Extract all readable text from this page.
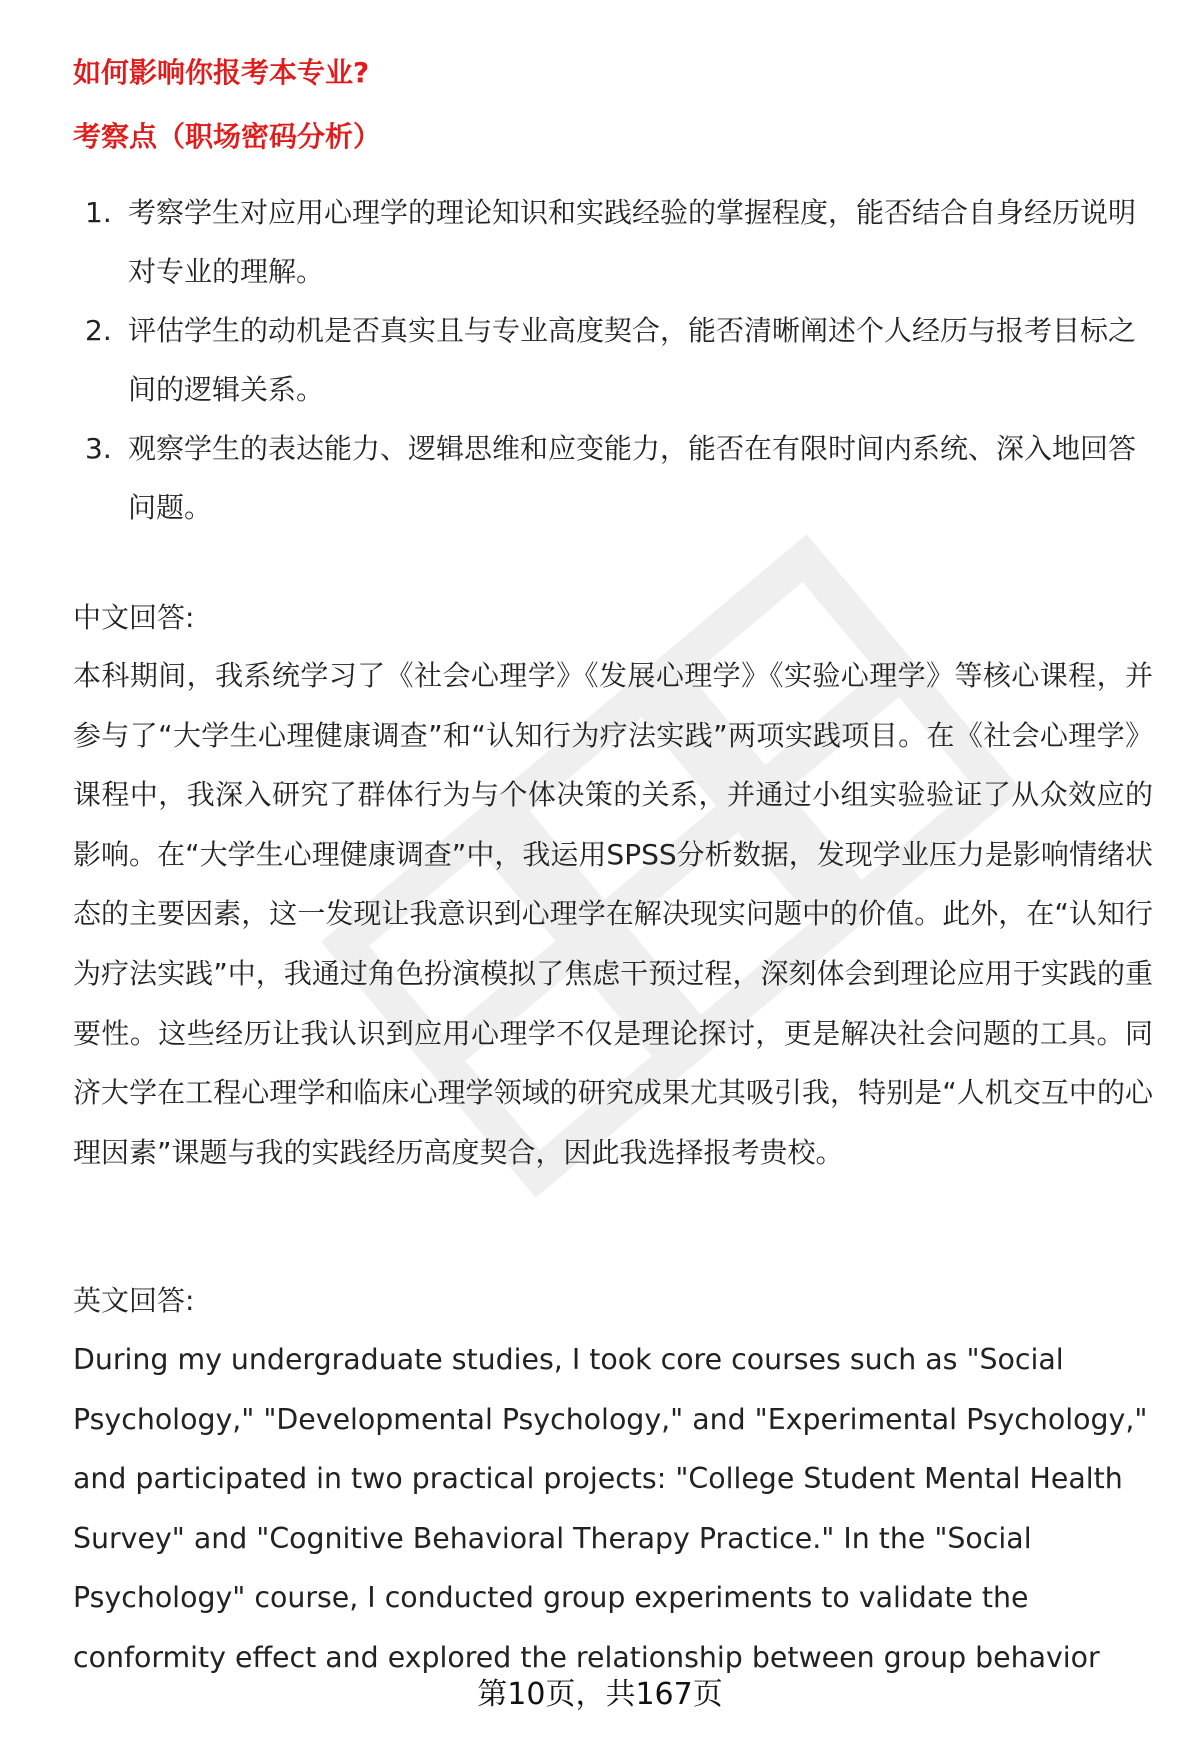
如何影响你报考本专业?
考察点（职场密码分析）
1. 考察学生对应用心理学的理论知识和实践经验的掌握程度，能否结合自身经历说明对专业的理解。
2. 评估学生的动机是否真实且与专业高度契合，能否清晰阐述个人经历与报考目标之间的逻辑关系。
3. 观察学生的表达能力、逻辑思维和应变能力，能否在有限时间内系统、深入地回答问题。
中文回答:

本科期间，我系统学习了《社会心理学》《发展心理学》《实验心理学》等核心课程，并参与了“大学生心理健康调查”和“认知行为疗法实践”两项实践项目。在《社会心理学》课程中，我深入研究了群体行为与个体决策的关系，并通过小组实验验证了从众效应的影响。在“大学生心理健康调查”中，我运用SPSS分析数据，发现学业压力是影响情绪状态的主要因素，这一发现让我意识到心理学在解决现实问题中的价值。此外，在“认知行为疗法实践”中，我通过角色扮演模拟了焦虑干预过程，深刻体会到理论应用于实践的重要性。这些经历让我认识到应用心理学不仅是理论探讨，更是解决社会问题的工具。同济大学在工程心理学和临床心理学领域的研究成果尤其吸引我，特别是“人机交互中的心理因素”课题与我的实践经历高度契合，因此我选择报考贵校。

英文回答:

During my undergraduate studies, I took core courses such as "Social Psychology," "Developmental Psychology," and "Experimental Psychology," and participated in two practical projects: "College Student Mental Health Survey" and "Cognitive Behavioral Therapy Practice." In the "Social Psychology" course, I conducted group experiments to validate the conformity effect and explored the relationship between group behavior

第10页，共167页
